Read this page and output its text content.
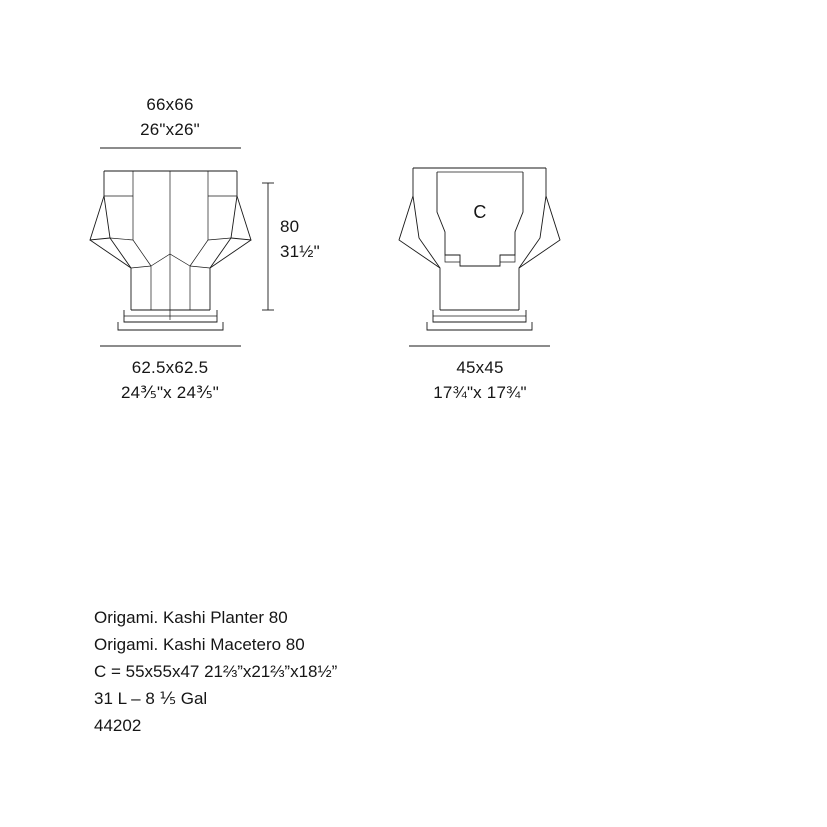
66x66
26"x26"
80
31½"
62.5x62.5
24⅗"x 24⅗"
45x45
17¾"x 17¾"
C
Origami. Kashi Planter 80
Origami. Kashi Macetero 80
C = 55x55x47 21⅔”x21⅔”x18½”
31 L – 8 ⅕ Gal
44202
